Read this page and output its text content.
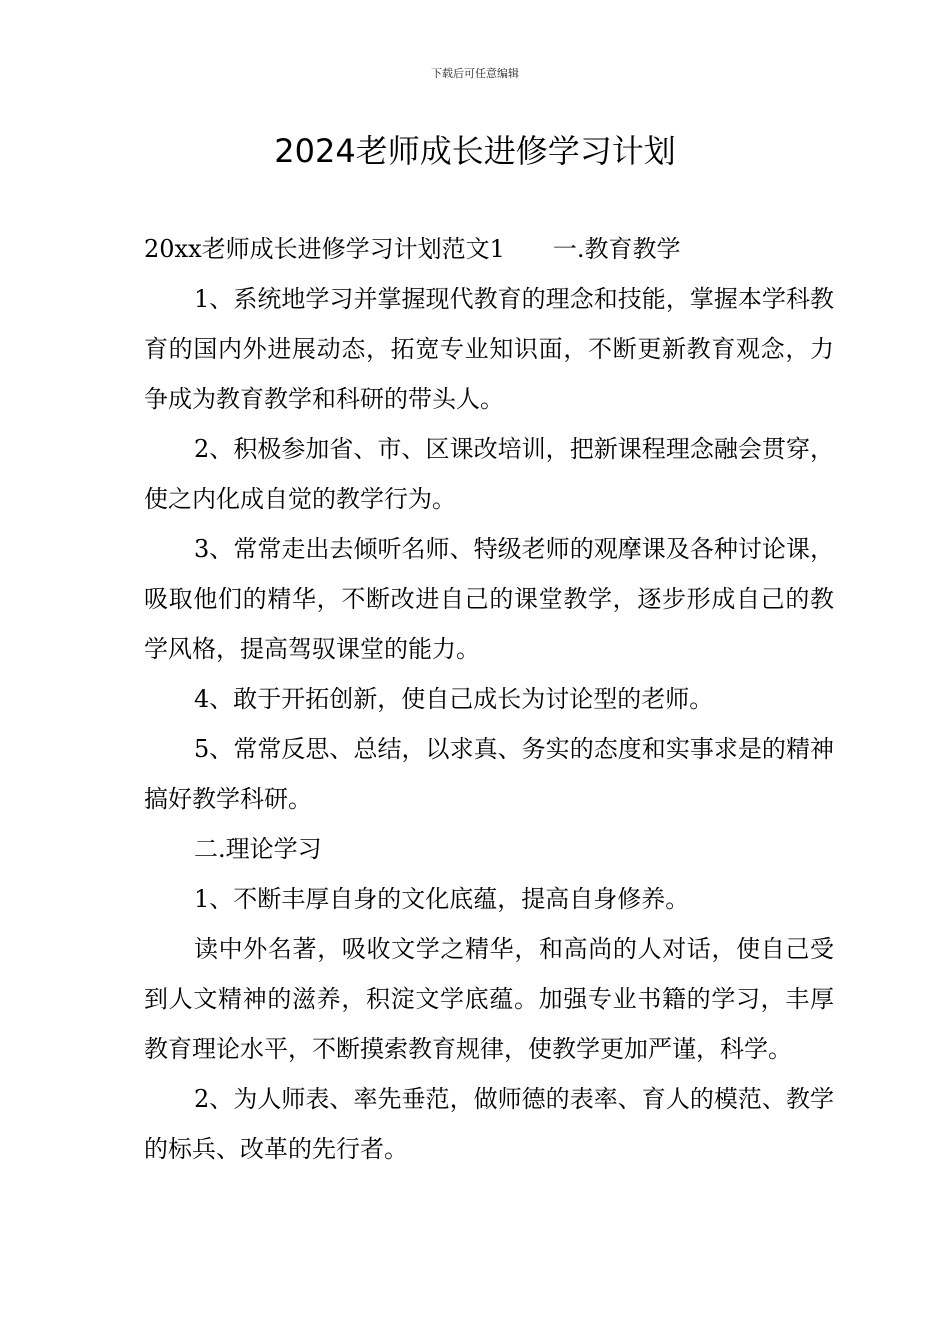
下载后可任意编辑
2024老师成长进修学习计划

20xx老师成长进修学习计划范文1 一.教育教学

1、系统地学习并掌握现代教育的理念和技能，掌握本学科教育的国内外进展动态，拓宽专业知识面，不断更新教育观念，力争成为教育教学和科研的带头人。

2、积极参加省、市、区课改培训，把新课程理念融会贯穿，使之内化成自觉的教学行为。

3、常常走出去倾听名师、特级老师的观摩课及各种讨论课，吸取他们的精华，不断改进自己的课堂教学，逐步形成自己的教学风格，提高驾驭课堂的能力。

4、敢于开拓创新，使自己成长为讨论型的老师。

5、常常反思、总结，以求真、务实的态度和实事求是的精神搞好教学科研。

二.理论学习

1、不断丰厚自身的文化底蕴，提高自身修养。

读中外名著，吸收文学之精华，和高尚的人对话，使自己受到人文精神的滋养，积淀文学底蕴。加强专业书籍的学习，丰厚教育理论水平，不断摸索教育规律，使教学更加严谨，科学。

2、为人师表、率先垂范，做师德的表率、育人的模范、教学的标兵、改革的先行者。
